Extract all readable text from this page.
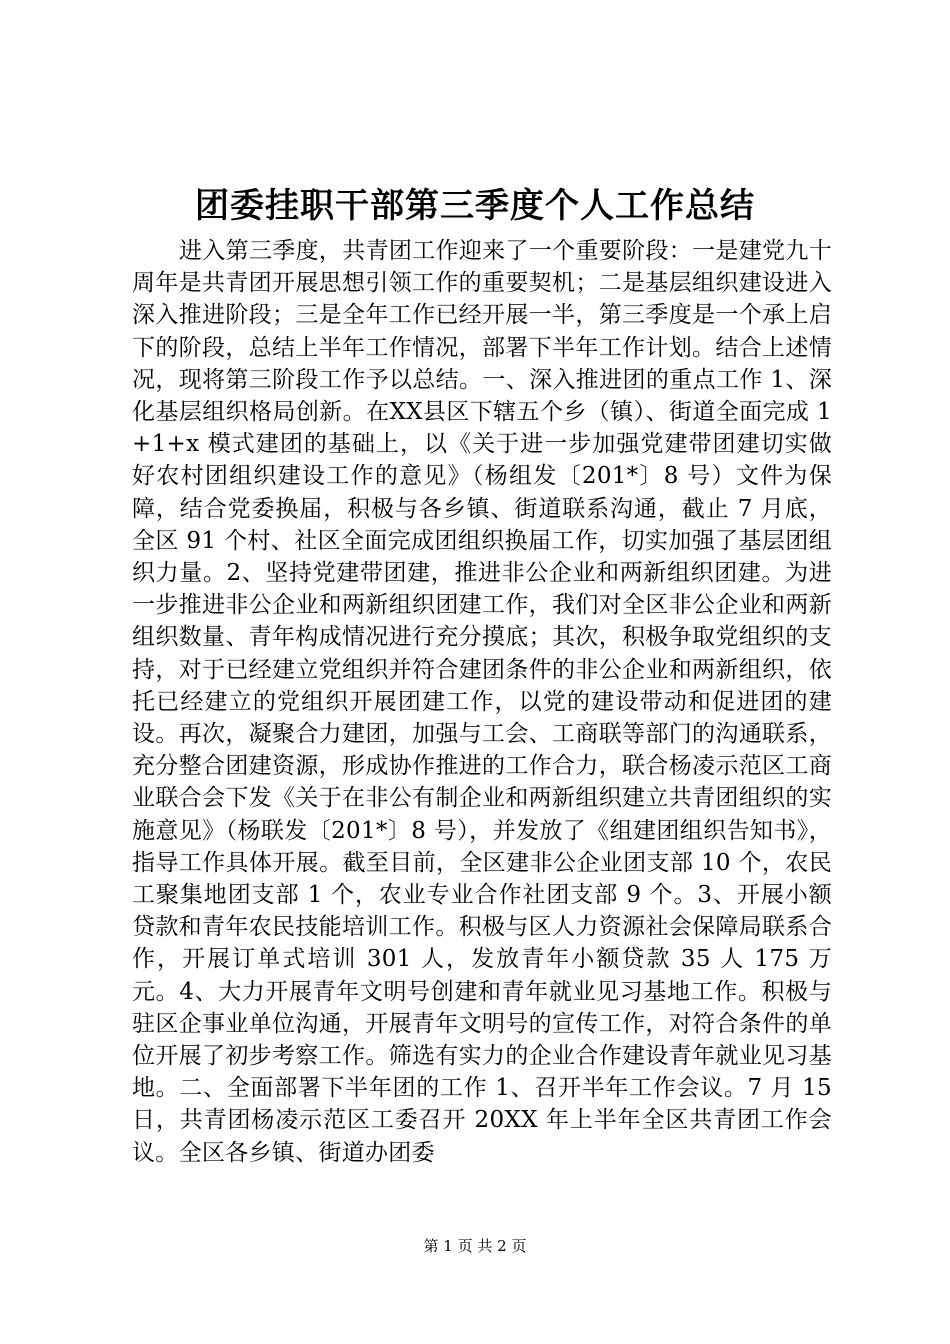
团委挂职干部第三季度个人工作总结

进入第三季度，共青团工作迎来了一个重要阶段：一是建党九十周年是共青团开展思想引领工作的重要契机；二是基层组织建设进入深入推进阶段；三是全年工作已经开展一半，第三季度是一个承上启下的阶段，总结上半年工作情况，部署下半年工作计划。结合上述情况，现将第三阶段工作予以总结。一、深入推进团的重点工作 1、深化基层组织格局创新。在XX县区下辖五个乡（镇）、街道全面完成 1+1+x 模式建团的基础上，以《关于进一步加强党建带团建切实做好农村团组织建设工作的意见》（杨组发〔201*〕8 号）文件为保障，结合党委换届，积极与各乡镇、街道联系沟通，截止 7 月底，全区 91 个村、社区全面完成团组织换届工作，切实加强了基层团组织力量。2、坚持党建带团建，推进非公企业和两新组织团建。为进一步推进非公企业和两新组织团建工作，我们对全区非公企业和两新组织数量、青年构成情况进行充分摸底；其次，积极争取党组织的支持，对于已经建立党组织并符合建团条件的非公企业和两新组织，依托已经建立的党组织开展团建工作，以党的建设带动和促进团的建设。再次，凝聚合力建团，加强与工会、工商联等部门的沟通联系，充分整合团建资源，形成协作推进的工作合力，联合杨凌示范区工商业联合会下发《关于在非公有制企业和两新组织建立共青团组织的实施意见》（杨联发〔201*〕8 号），并发放了《组建团组织告知书》，指导工作具体开展。截至目前，全区建非公企业团支部 10 个，农民工聚集地团支部 1 个，农业专业合作社团支部 9 个。3、开展小额贷款和青年农民技能培训工作。积极与区人力资源社会保障局联系合作，开展订单式培训 301 人，发放青年小额贷款 35 人 175 万元。4、大力开展青年文明号创建和青年就业见习基地工作。积极与驻区企事业单位沟通，开展青年文明号的宣传工作，对符合条件的单位开展了初步考察工作。筛选有实力的企业合作建设青年就业见习基地。二、全面部署下半年团的工作 1、召开半年工作会议。7 月 15 日，共青团杨凌示范区工委召开 20XX 年上半年全区共青团工作会议。全区各乡镇、街道办团委

第 1 页 共 2 页
